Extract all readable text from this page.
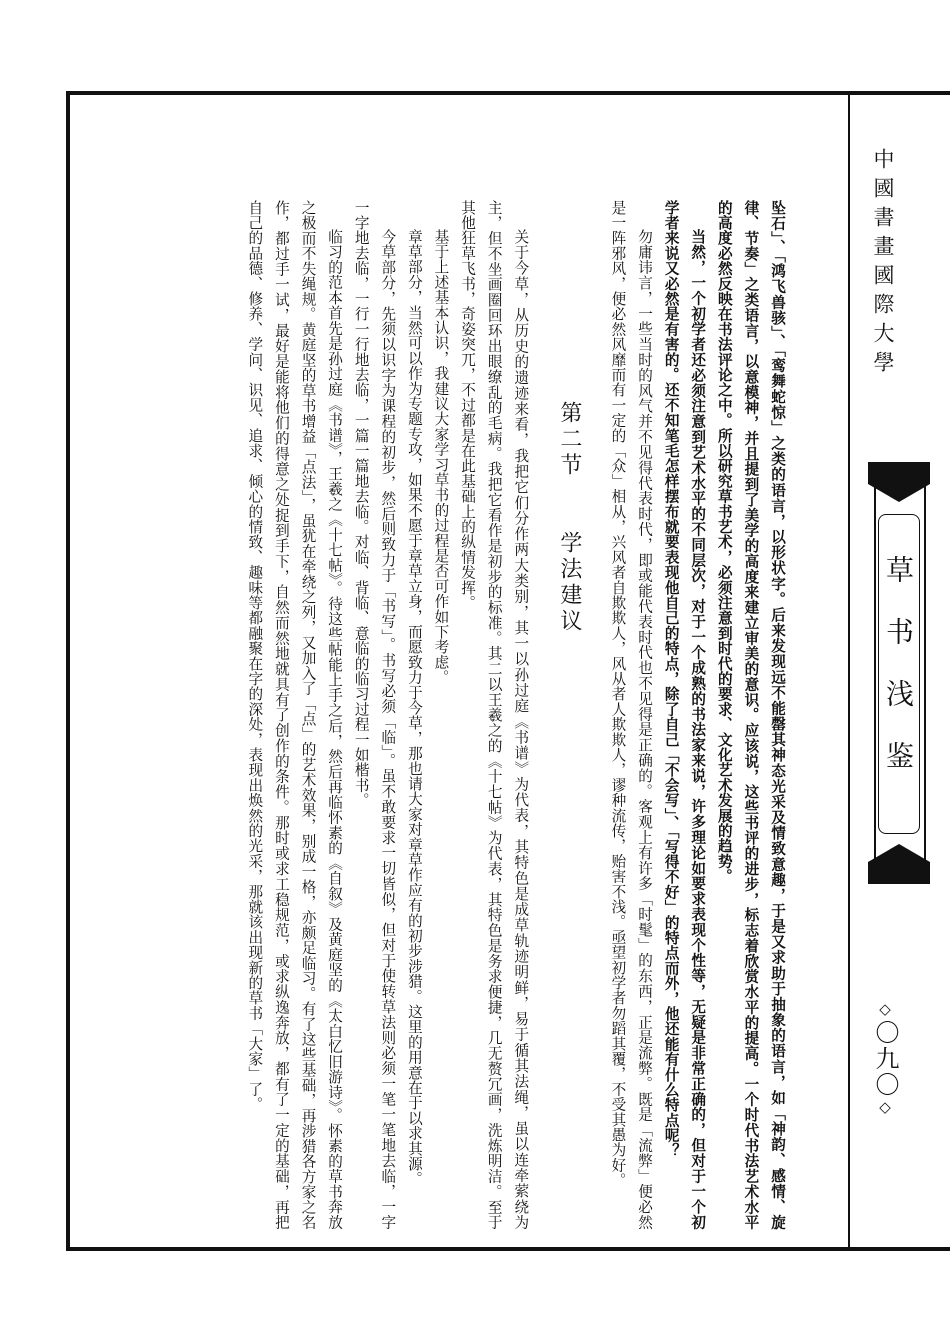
中國書畫國際大學
草书浅鉴
◇〇九〇◇

坠石」、「鸿飞兽骇」、「鸾舞蛇惊」之类的语言，以形状字。后来发现远不能罄其神态光采及情致意趣，于是又求助于抽象的语言，如「神韵、感情、旋律、节奏」之类语言，以意模神，并且提到了美学的高度来建立审美的意识。应该说，这些书评的进步，标志着欣赏水平的提高。一个时代书法艺术水平的高度必然反映在书法评论之中。所以研究草书艺术，必须注意到时代的要求、文化艺术发展的趋势。

当然，一个初学者还必须注意到艺术水平的不同层次，对于一个成熟的书法家来说，许多理论如要求表现个性等，无疑是非常正确的，但对于一个初学者来说又必然是有害的。还不知笔毛怎样摆布就要表现他自己的特点，除了自己「不会写」、「写得不好」的特点而外，他还能有什么特点呢？

勿庸讳言，一些当时的风气并不见得代表时代，即或能代表时代也不见得是正确的。客观上有许多「时髦」的东西，正是流弊。既是「流弊」便必然是一阵邪风，便必然风靡而有一定的「众」相从，兴风者自欺欺人，风从者人欺欺人，谬种流传，贻害不浅。亟望初学者勿蹈其覆，不受其愚为好。

第二节　学法建议

关于今草，从历史的遗迹来看，我把它们分作两大类别，其一以孙过庭《书谱》为代表，其特色是成草轨迹明鲜，易于循其法绳，虽以连牵萦绕为主，但不坐画圈回环出眼缭乱的毛病。我把它看作是初步的标准。其二以王羲之的《十七帖》为代表，其特色是务求便捷，几无赘冗画，洗炼明洁。至于其他狂草飞书，奇姿突兀，不过都是在此基础上的纵情发挥。

基于上述基本认识，我建议大家学习草书的过程是否可作如下考虑。

章草部分，当然可以作为专题专攻，如果不愿于章草立身，而愿致力于今草，那也请大家对章草作应有的初步涉猎。这里的用意在于以求其源。

今草部分，先须以识字为课程的初步，然后则致力于「书写」。书写必须「临」。虽不敢要求一切皆似，但对于使转草法则必须一笔一笔地去临，一字一字地去临，一行一行地去临，一篇一篇地去临。对临、背临、意临的临习过程一如楷书。

临习的范本首先是孙过庭《书谱》，王羲之《十七帖》。待这些帖能上手之后，然后再临怀素的《自叙》及黄庭坚的《太白忆旧游诗》。怀素的草书奔放之极而不失绳规。黄庭坚的草书增益「点法」，虽犹在牵绕之列，又加入了「点」的艺术效果，别成一格，亦颇足临习。有了这些基础，再涉猎各方家之名作，都过手一试，最好是能将他们的得意之处捉到手下，自然而然地就具有了创作的条件。那时或求工稳规范，或求纵逸奔放，都有了一定的基础，再把自己的品德、修养、学问、识见、追求、倾心的情致、趣味等都融聚在字的深处，表现出焕然的光采，那就该出现新的草书「大家」了。
